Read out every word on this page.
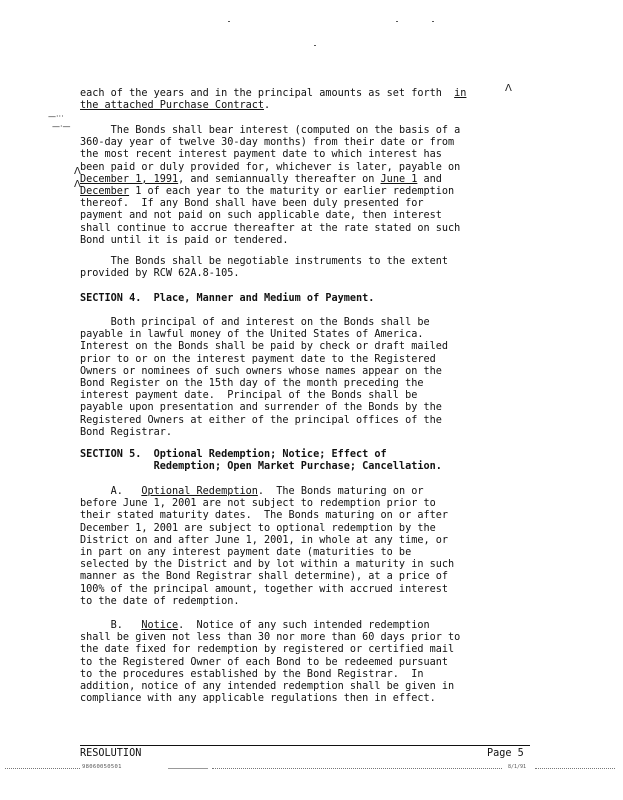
each of the years and in the principal amounts as set forth in
the attached Purchase Contract.
Λ
—···
—·—	The Bonds shall bear interest (computed on the basis of a
360-day year of twelve 30-day months) from their date or from
the most recent interest payment date to which interest has
been paid or duly provided for, whichever is later, payable on
December 1, 1991, and semiannually thereafter on June 1 and
December 1 of each year to the maturity or earlier redemption
thereof.  If any Bond shall have been duly presented for
payment and not paid on such applicable date, then interest
shall continue to accrue thereafter at the rate stated on such
Bond until it is paid or tendered.
Λ
Λ
The Bonds shall be negotiable instruments to the extent
provided by RCW 62A.8-105.
SECTION 4.  Place, Manner and Medium of Payment.
Both principal of and interest on the Bonds shall be
payable in lawful money of the United States of America.
Interest on the Bonds shall be paid by check or draft mailed
prior to or on the interest payment date to the Registered
Owners or nominees of such owners whose names appear on the
Bond Register on the 15th day of the month preceding the
interest payment date.  Principal of the Bonds shall be
payable upon presentation and surrender of the Bonds by the
Registered Owners at either of the principal offices of the
Bond Registrar.
SECTION 5.  Optional Redemption; Notice; Effect of
Redemption; Open Market Purchase; Cancellation.
A.   Optional Redemption.  The Bonds maturing on or
before June 1, 2001 are not subject to redemption prior to
their stated maturity dates.  The Bonds maturing on or after
December 1, 2001 are subject to optional redemption by the
District on and after June 1, 2001, in whole at any time, or
in part on any interest payment date (maturities to be
selected by the District and by lot within a maturity in such
manner as the Bond Registrar shall determine), at a price of
100% of the principal amount, together with accrued interest
to the date of redemption.
B.   Notice.  Notice of any such intended redemption
shall be given not less than 30 nor more than 60 days prior to
the date fixed for redemption by registered or certified mail
to the Registered Owner of each Bond to be redeemed pursuant
to the procedures established by the Bond Registrar.  In
addition, notice of any intended redemption shall be given in
compliance with any applicable regulations then in effect.
RESOLUTION	Page 5
98060050501	8/1/91
